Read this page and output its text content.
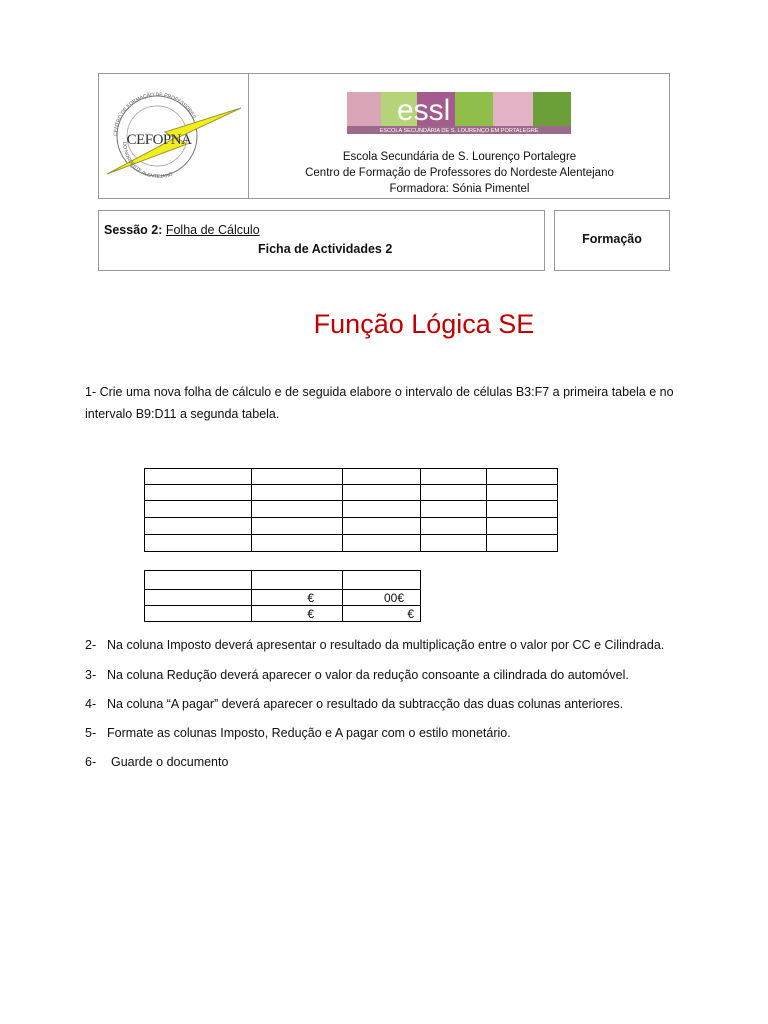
CENTRO DE FORMAÇÃO DE PROFESSORES
DO NORDESTE ALENTEJANO
CEFOPNA
essl
ESCOLA SECUNDÁRIA DE S. LOURENÇO EM PORTALEGRE
Escola Secundária de S. Lourenço Portalegre
Centro de Formação de Professores do Nordeste Alentejano
Formadora: Sónia Pimentel
Sessão 2: Folha de Cálculo
Ficha de Actividades 2
Formação
Função Lógica SE
1- Crie uma nova folha de cálculo e de seguida elabore o intervalo de células B3:F7 a primeira tabela e no intervalo B9:D11 a segunda tabela.

	€	00€
	€	€
2- Na coluna Imposto deverá apresentar o resultado da multiplicação entre o valor por CC e Cilindrada.
3- Na coluna Redução deverá aparecer o valor da redução consoante a cilindrada do automóvel.
4- Na coluna “A pagar” deverá aparecer o resultado da subtracção das duas colunas anteriores.
5- Formate as colunas Imposto, Redução e A pagar com o estilo monetário.
6- Guarde o documento
